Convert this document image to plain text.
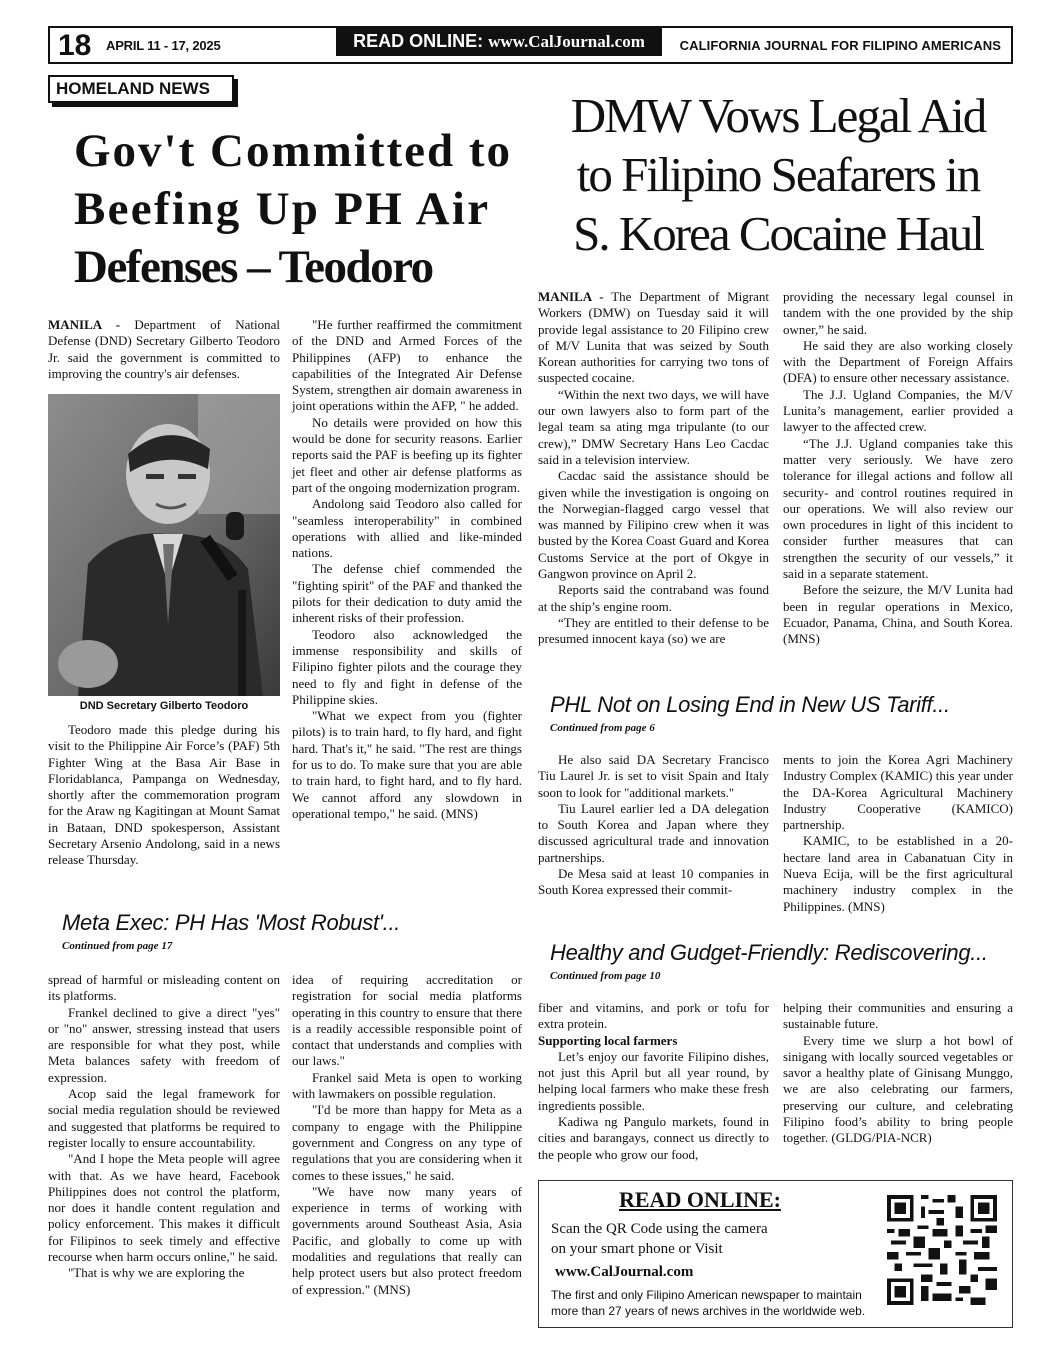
18 APRIL 11 - 17, 2025	READ ONLINE: www.CalJournal.com	CALIFORNIA JOURNAL FOR FILIPINO AMERICANS
HOMELAND NEWS
Gov't Committed to
Beefing Up PH Air
Defenses – Teodoro
DMW Vows Legal Aid
to Filipino Seafarers in
S. Korea Cocaine Haul

MANILA - Department of National Defense (DND) Secretary Gilberto Teodoro Jr. said the government is committed to improving the country's air defenses.

DND Secretary Gilberto Teodoro

Teodoro made this pledge during his visit to the Philippine Air Force’s (PAF) 5th Fighter Wing at the Basa Air Base in Floridablanca, Pampanga on Wednesday, shortly after the commemoration program for the Araw ng Kagitingan at Mount Samat in Bataan, DND spokesperson, Assistant Secretary Arsenio Andolong, said in a news release Thursday.

"He further reaffirmed the commitment of the DND and Armed Forces of the Philippines (AFP) to enhance the capabilities of the Integrated Air Defense System, strengthen air domain awareness in joint operations within the AFP, " he added.

No details were provided on how this would be done for security reasons. Earlier reports said the PAF is beefing up its fighter jet fleet and other air defense platforms as part of the ongoing modernization program.

Andolong said Teodoro also called for "seamless interoperability" in combined operations with allied and like-minded nations.

The defense chief commended the "fighting spirit" of the PAF and thanked the pilots for their dedication to duty amid the inherent risks of their profession.

Teodoro also acknowledged the immense responsibility and skills of Filipino fighter pilots and the courage they need to fly and fight in defense of the Philippine skies.

"What we expect from you (fighter pilots) is to train hard, to fly hard, and fight hard. That's it," he said. "The rest are things for us to do. To make sure that you are able to train hard, to fight hard, and to fly hard. We cannot afford any slowdown in operational tempo," he said. (MNS)

MANILA - The Department of Migrant Workers (DMW) on Tuesday said it will provide legal assistance to 20 Filipino crew of M/V Lunita that was seized by South Korean authorities for carrying two tons of suspected cocaine.

“Within the next two days, we will have our own lawyers also to form part of the legal team sa ating mga tripulante (to our crew),” DMW Secretary Hans Leo Cacdac said in a television interview.

Cacdac said the assistance should be given while the investigation is ongoing on the Norwegian-flagged cargo vessel that was manned by Filipino crew when it was busted by the Korea Coast Guard and Korea Customs Service at the port of Okgye in Gangwon province on April 2.

Reports said the contraband was found at the ship’s engine room.

“They are entitled to their defense to be presumed innocent kaya (so) we are

providing the necessary legal counsel in tandem with the one provided by the ship owner,” he said.

He said they are also working closely with the Department of Foreign Affairs (DFA) to ensure other necessary assistance.

The J.J. Ugland Companies, the M/V Lunita’s management, earlier provided a lawyer to the affected crew.

“The J.J. Ugland companies take this matter very seriously. We have zero tolerance for illegal actions and follow all security- and control routines required in our operations. We will also review our own procedures in light of this incident to consider further measures that can strengthen the security of our vessels,” it said in a separate statement.

Before the seizure, the M/V Lunita had been in regular operations in Mexico, Ecuador, Panama, China, and South Korea. (MNS)

PHL Not on Losing End in New US Tariff...
Continued from page 6

He also said DA Secretary Francisco Tiu Laurel Jr. is set to visit Spain and Italy soon to look for "additional markets."

Tiu Laurel earlier led a DA delegation to South Korea and Japan where they discussed agricultural trade and innovation partnerships.

De Mesa said at least 10 companies in South Korea expressed their commit-

ments to join the Korea Agri Machinery Industry Complex (KAMIC) this year under the DA-Korea Agricultural Machinery Industry Cooperative (KAMICO) partnership.

KAMIC, to be established in a 20-hectare land area in Cabanatuan City in Nueva Ecija, will be the first agricultural machinery industry complex in the Philippines. (MNS)

Meta Exec: PH Has 'Most Robust'...
Continued from page 17

spread of harmful or misleading content on its platforms.

Frankel declined to give a direct "yes" or "no" answer, stressing instead that users are responsible for what they post, while Meta balances safety with freedom of expression.

Acop said the legal framework for social media regulation should be reviewed and suggested that platforms be required to register locally to ensure accountability.

"And I hope the Meta people will agree with that. As we have heard, Facebook Philippines does not control the platform, nor does it handle content regulation and policy enforcement. This makes it difficult for Filipinos to seek timely and effective recourse when harm occurs online," he said.

"That is why we are exploring the

idea of requiring accreditation or registration for social media platforms operating in this country to ensure that there is a readily accessible responsible point of contact that understands and complies with our laws."

Frankel said Meta is open to working with lawmakers on possible regulation.

"I'd be more than happy for Meta as a company to engage with the Philippine government and Congress on any type of regulations that you are considering when it comes to these issues," he said.

"We have now many years of experience in terms of working with governments around Southeast Asia, Asia Pacific, and globally to come up with modalities and regulations that really can help protect users but also protect freedom of expression." (MNS)

Healthy and Gudget-Friendly: Rediscovering...
Continued from page 10

fiber and vitamins, and pork or tofu for extra protein.

Supporting local farmers

Let’s enjoy our favorite Filipino dishes, not just this April but all year round, by helping local farmers who make these fresh ingredients possible.

Kadiwa ng Pangulo markets, found in cities and barangays, connect us directly to the people who grow our food,

helping their communities and ensuring a sustainable future.

Every time we slurp a hot bowl of sinigang with locally sourced vegetables or savor a healthy plate of Ginisang Munggo, we are also celebrating our farmers, preserving our culture, and celebrating Filipino food’s ability to bring people together. (GLDG/PIA-NCR)

READ ONLINE:
Scan the QR Code using the camera
on your smart phone or Visit
www.CalJournal.com
The first and only Filipino American newspaper to maintain
more than 27 years of news archives in the worldwide web.
